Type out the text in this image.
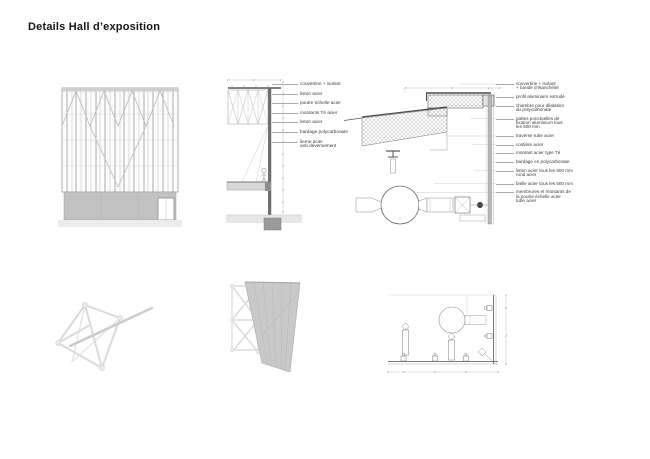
Details Hall d’exposition
couvertine + isolant
liston acier
poutre échelle acier
montants Té acier
liston acier
bardage polycarbonate
lierne acier
anti-déversement
couvertine + isolant
+ bande d’étanchéité
profil aluminium extrudé
chambre pour dilatation
du polycarbonate
pattes ponctuelles de
fixation aluminium tous
les 500 mm
traverse tube acier
costière acier
montant acier type Té
bardage en polycarbonate
liston acier tous les 500 mm
rond acier
bielle acier tous les 500 mm
membrures et montants de
la poutre échelle acier
tube acier
